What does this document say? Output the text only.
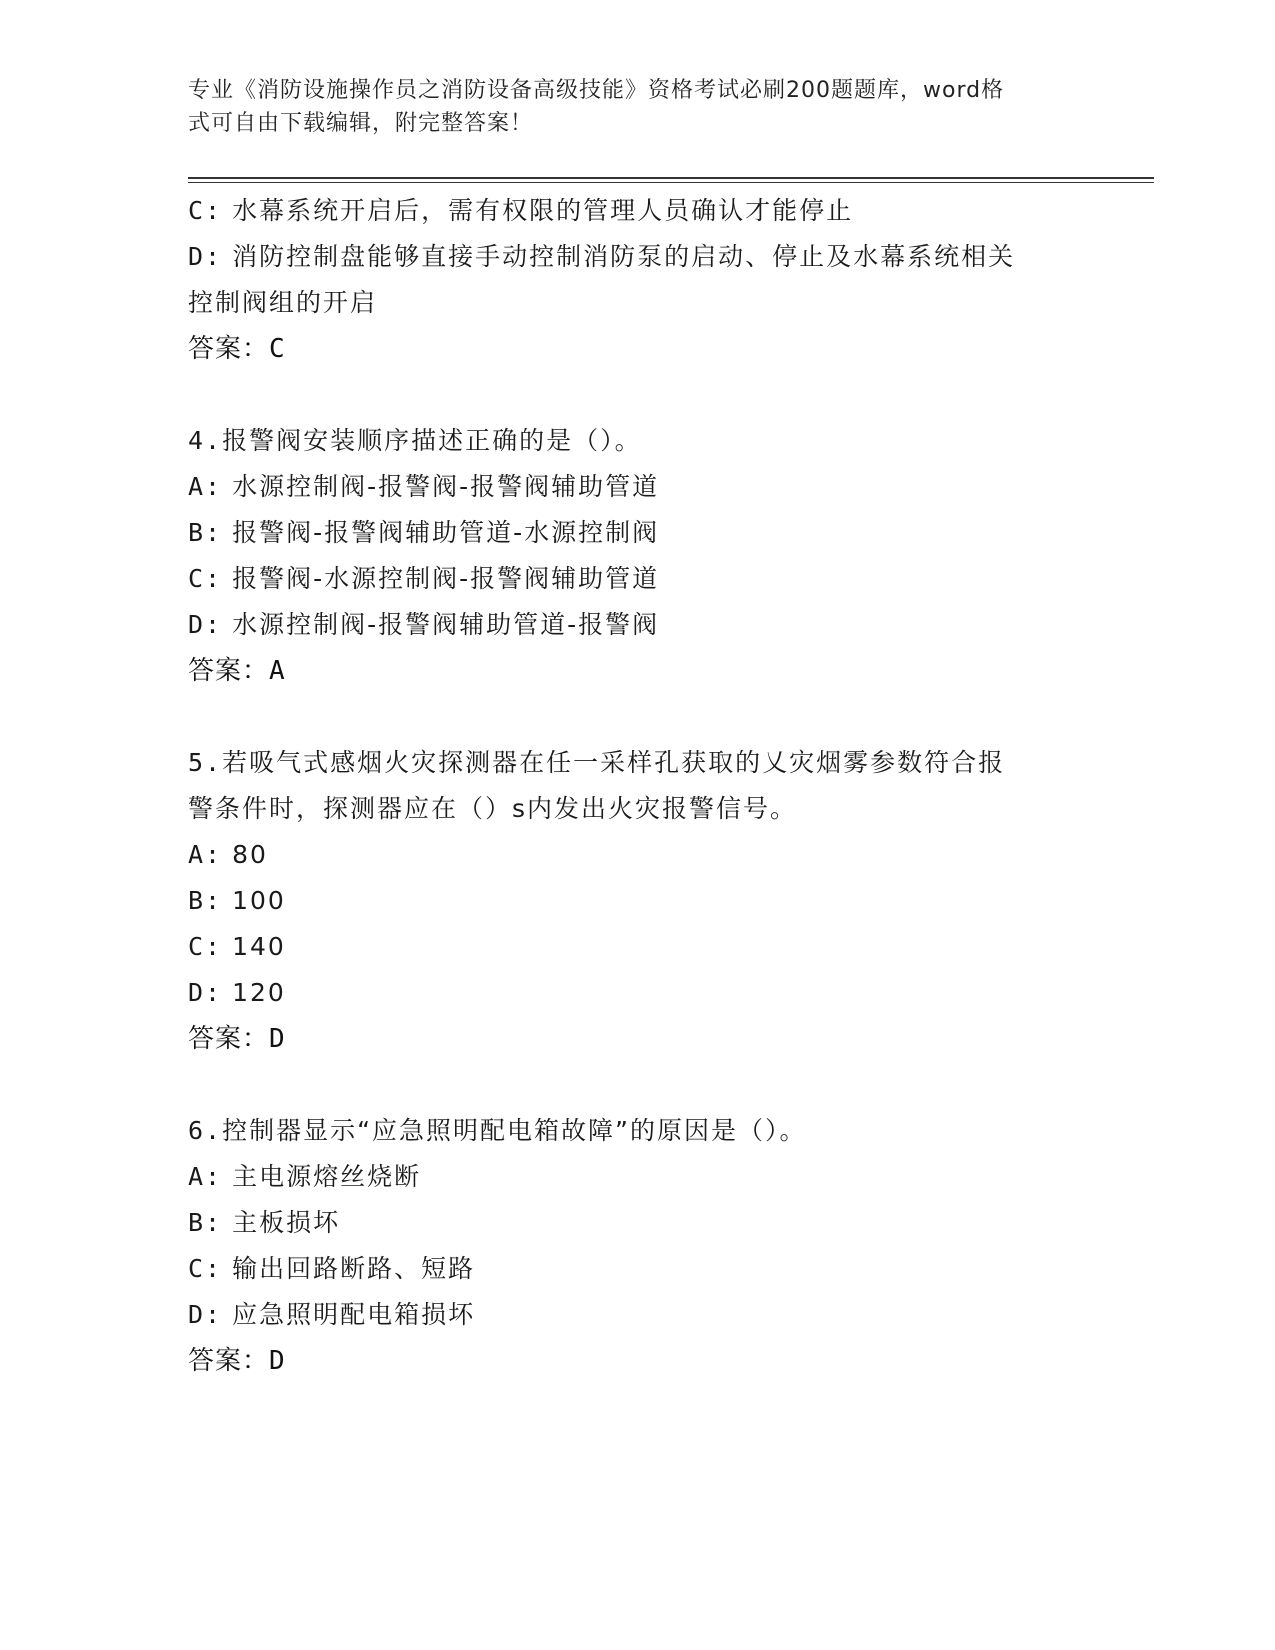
专业《消防设施操作员之消防设备高级技能》资格考试必刷200题题库，word格
式可自由下载编辑，附完整答案！
C: 水幕系统开启后，需有权限的管理人员确认才能停止
D: 消防控制盘能够直接手动控制消防泵的启动、停止及水幕系统相关
控制阀组的开启
答案：C
4.报警阀安装顺序描述正确的是（）。
A: 水源控制阀-报警阀-报警阀辅助管道
B: 报警阀-报警阀辅助管道-水源控制阀
C: 报警阀-水源控制阀-报警阀辅助管道
D: 水源控制阀-报警阀辅助管道-报警阀
答案：A
5.若吸气式感烟火灾探测器在任一采样孔获取的乂灾烟雾参数符合报
警条件时，探测器应在（）s内发出火灾报警信号。
A: 80
B: 100
C: 140
D: 120
答案：D
6.控制器显示“应急照明配电箱故障”的原因是（）。
A: 主电源熔丝烧断
B: 主板损坏
C: 输出回路断路、短路
D: 应急照明配电箱损坏
答案：D
